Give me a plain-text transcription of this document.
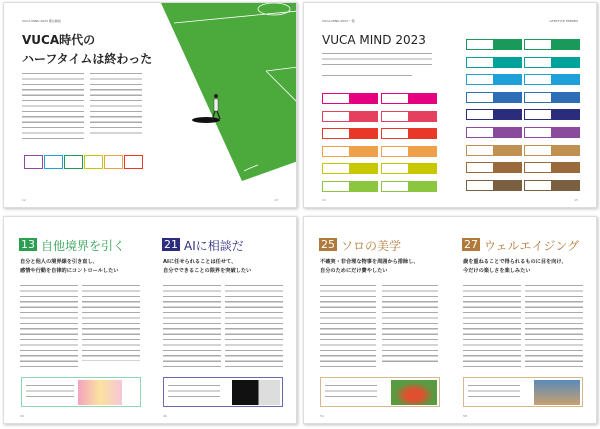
VUCA MIND 2023 要旨解説
VUCA時代の
ハーフタイムは終わった
12	13
VUCA MIND 2023 一覧	LIFESTYLE TRENDS
VUCA MIND 2023
14	15
13 自他境界を引く
自分と他人の境界線を引き直し、
感情や行動を自律的にコントロールしたい
30
21 AIに相談だ
AIに任せられることは任せて、
自分でできることの限界を突破したい
46
25 ソロの美学
不確実・非合理な物事を周囲から排除し、
自分のためにだけ費やしたい
54
27 ウェルエイジング
歳を重ねることで得られるものに目を向け、
今だけの楽しさを楽しみたい
58
